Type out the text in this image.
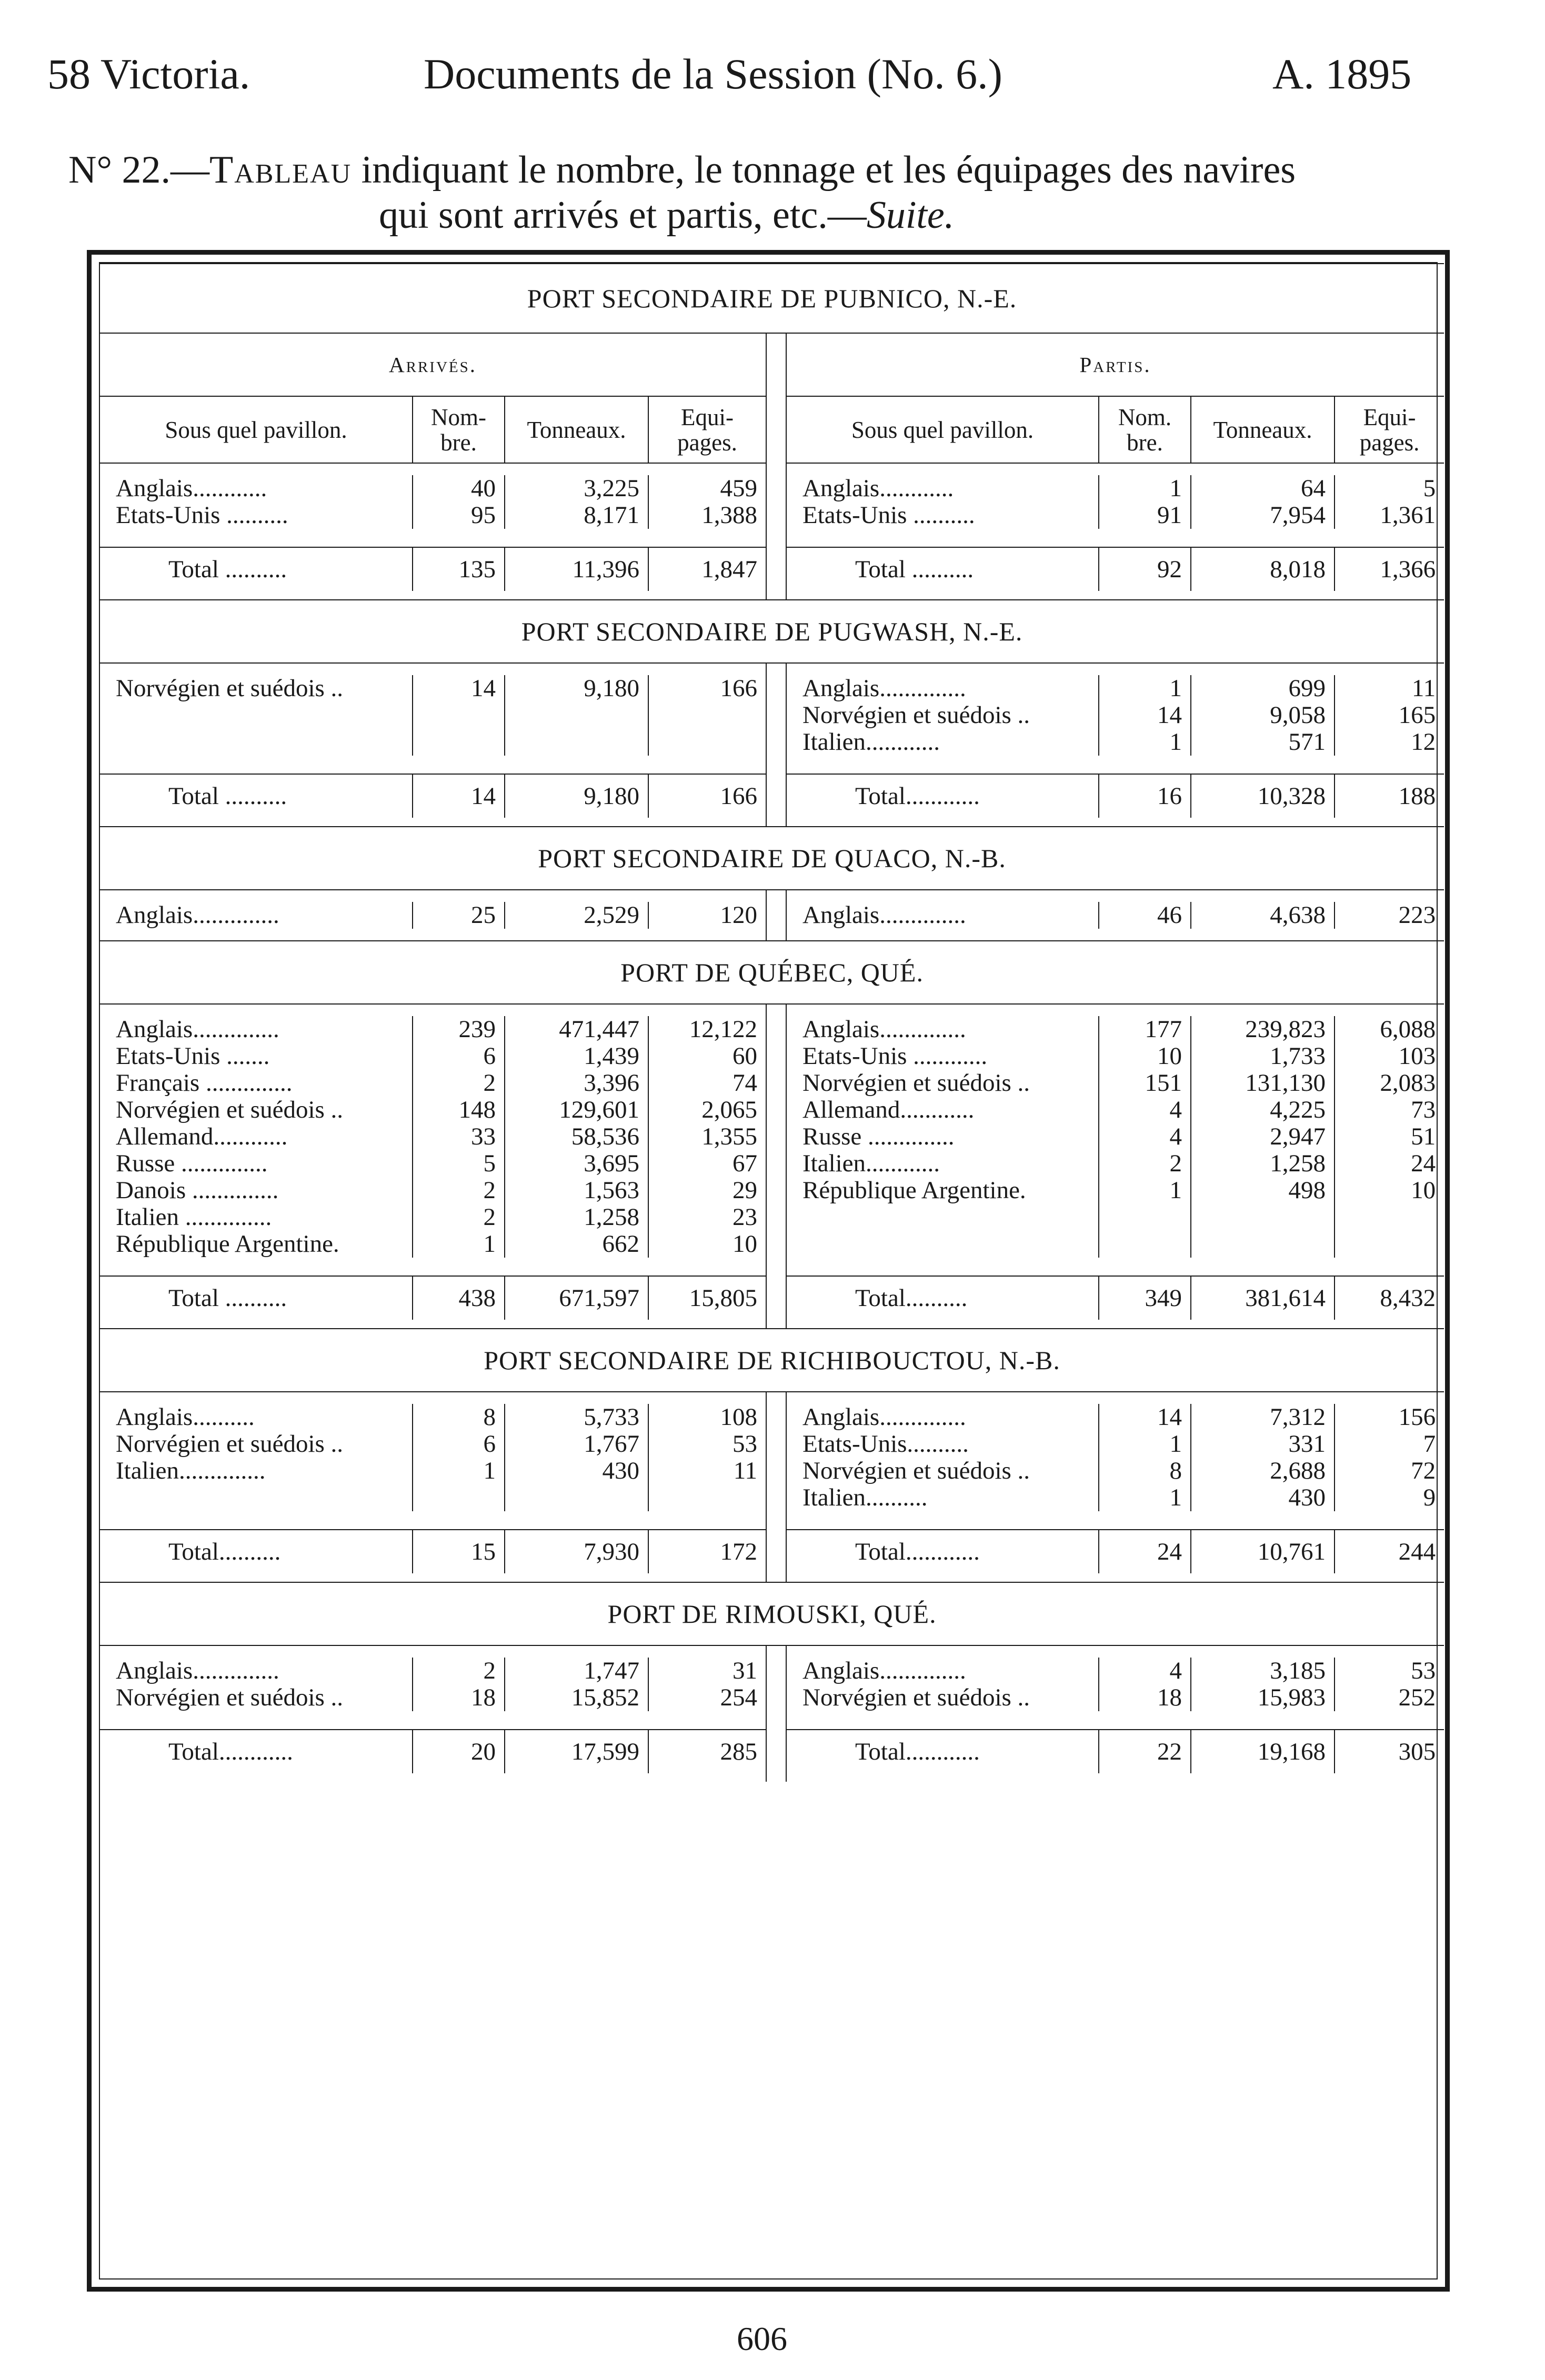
58 Victoria.	Documents de la Session (No. 6.)	A. 1895
N° 22.—Tableau indiquant le nombre, le tonnage et les équipages des navires
qui sont arrivés et partis, etc.—Suite.
PORT SECONDAIRE DE PUBNICO, N.-E.								
Arrivés.					Partis.			
Sous quel pavillon.	Nom-bre.	Tonneaux.	Equi-pages.		Sous quel pavillon.	Nom. bre.	Tonneaux.	Equi-pages.

Anglais............	40	3,225	459		Anglais............	1	64	5
Etats-Unis ..........	95	8,171	1,388		Etats-Unis ..........	91	7,954	1,361

Total ..........	135	11,396	1,847		Total ..........	92	8,018	1,366

PORT SECONDAIRE DE PUGWASH, N.-E.								

Norvégien et suédois ..	14	9,180	166		Anglais..............	1	699	11
					Norvégien et suédois ..	14	9,058	165
					Italien............	1	571	12

Total ..........	14	9,180	166		Total............	16	10,328	188

PORT SECONDAIRE DE QUACO, N.-B.								

Anglais..............	25	2,529	120		Anglais..............	46	4,638	223

PORT DE QUÉBEC, QUÉ.								

Anglais..............	239	471,447	12,122		Anglais..............	177	239,823	6,088
Etats-Unis .......	6	1,439	60		Etats-Unis ............	10	1,733	103
Français ..............	2	3,396	74		Norvégien et suédois ..	151	131,130	2,083
Norvégien et suédois ..	148	129,601	2,065		Allemand............	4	4,225	73
Allemand............	33	58,536	1,355		Russe ..............	4	2,947	51
Russe ..............	5	3,695	67		Italien............	2	1,258	24
Danois ..............	2	1,563	29		République Argentine.	1	498	10
Italien ..............	2	1,258	23					
République Argentine.	1	662	10					

Total ..........	438	671,597	15,805		Total..........	349	381,614	8,432

PORT SECONDAIRE DE RICHIBOUCTOU, N.-B.								

Anglais..........	8	5,733	108		Anglais..............	14	7,312	156
Norvégien et suédois ..	6	1,767	53		Etats-Unis..........	1	331	7
Italien..............	1	430	11		Norvégien et suédois ..	8	2,688	72
					Italien..........	1	430	9

Total..........	15	7,930	172		Total............	24	10,761	244

PORT DE RIMOUSKI, QUÉ.								

Anglais..............	2	1,747	31		Anglais..............	4	3,185	53
Norvégien et suédois ..	18	15,852	254		Norvégien et suédois ..	18	15,983	252

Total............	20	17,599	285		Total............	22	19,168	305

606
